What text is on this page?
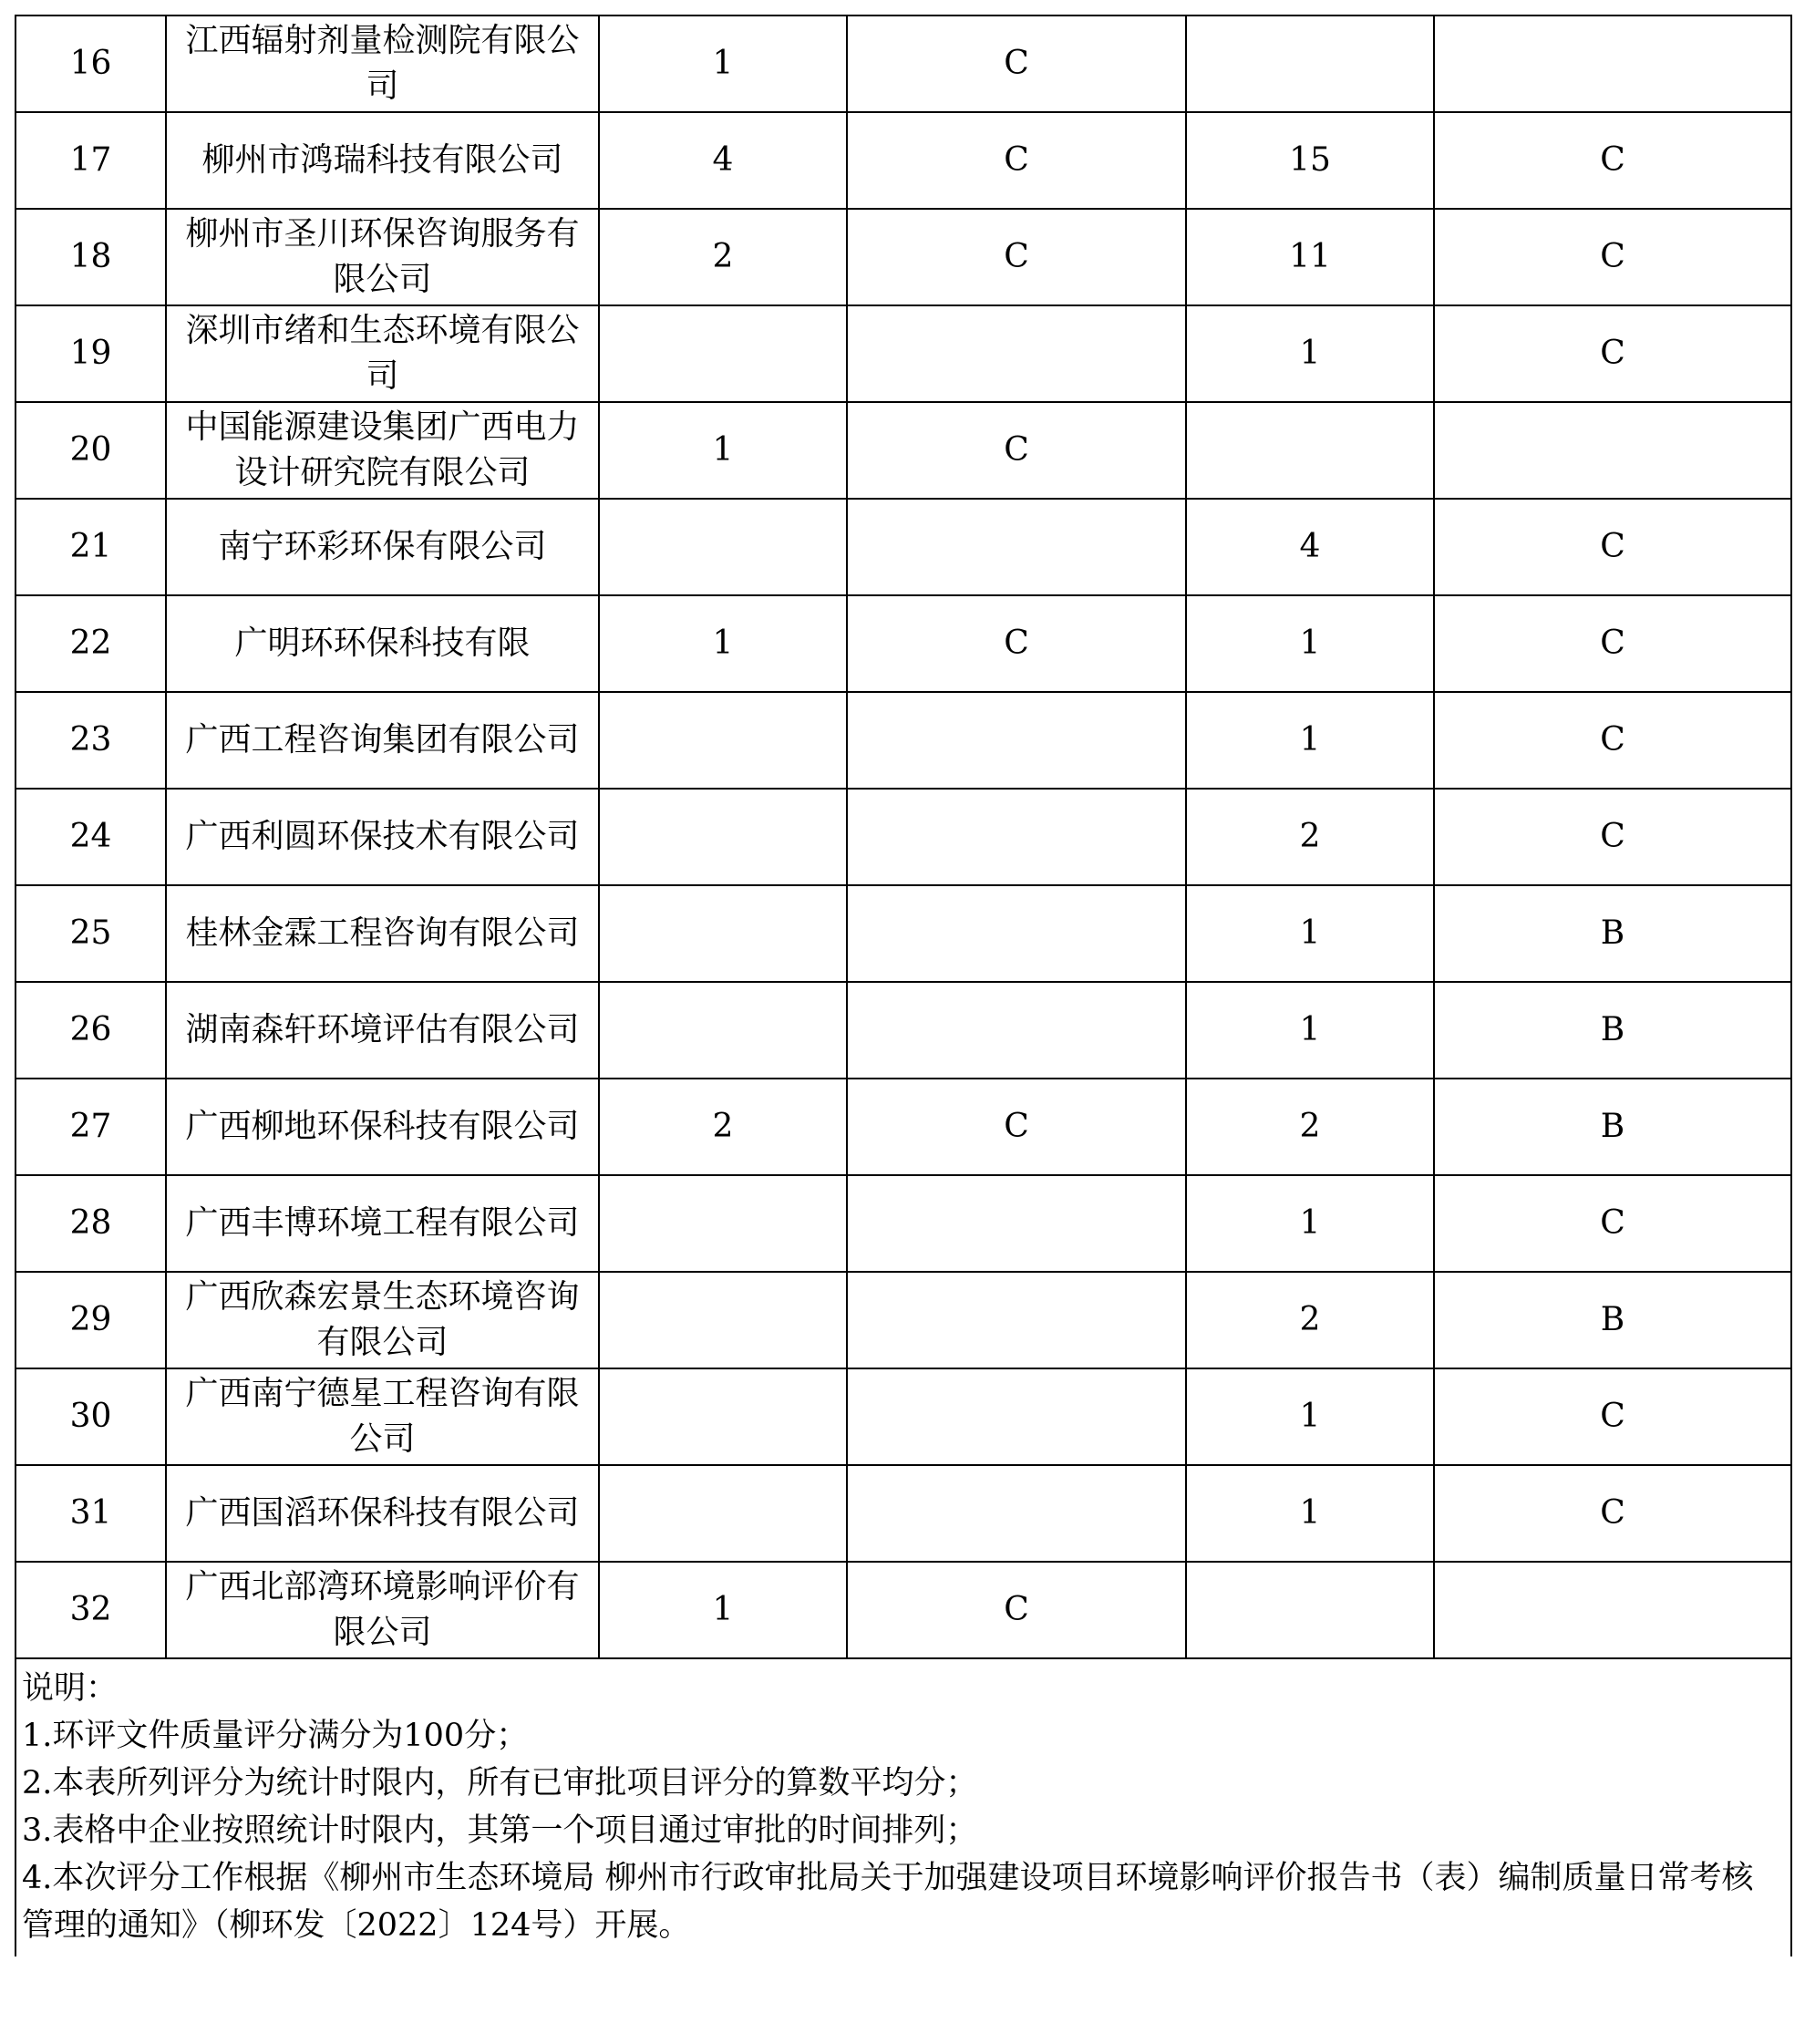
16	江西辐射剂量检测院有限公司	1	C		
17	柳州市鸿瑞科技有限公司	4	C	15	C
18	柳州市圣川环保咨询服务有限公司	2	C	11	C
19	深圳市绪和生态环境有限公司			1	C
20	中国能源建设集团广西电力设计研究院有限公司	1	C		
21	南宁环彩环保有限公司			4	C
22	广明环环保科技有限	1	C	1	C
23	广西工程咨询集团有限公司			1	C
24	广西利圆环保技术有限公司			2	C
25	桂林金霖工程咨询有限公司			1	B
26	湖南森轩环境评估有限公司			1	B
27	广西柳地环保科技有限公司	2	C	2	B
28	广西丰博环境工程有限公司			1	C
29	广西欣森宏景生态环境咨询有限公司			2	B
30	广西南宁德星工程咨询有限公司			1	C
31	广西国滔环保科技有限公司			1	C
32	广西北部湾环境影响评价有限公司	1	C		

说明：
1.环评文件质量评分满分为100分；
2.本表所列评分为统计时限内，所有已审批项目评分的算数平均分；
3.表格中企业按照统计时限内，其第一个项目通过审批的时间排列；
4.本次评分工作根据《柳州市生态环境局 柳州市行政审批局关于加强建设项目环境影响评价报告书（表）编制质量日常考核管理的通知》（柳环发〔2022〕124号）开展。					
